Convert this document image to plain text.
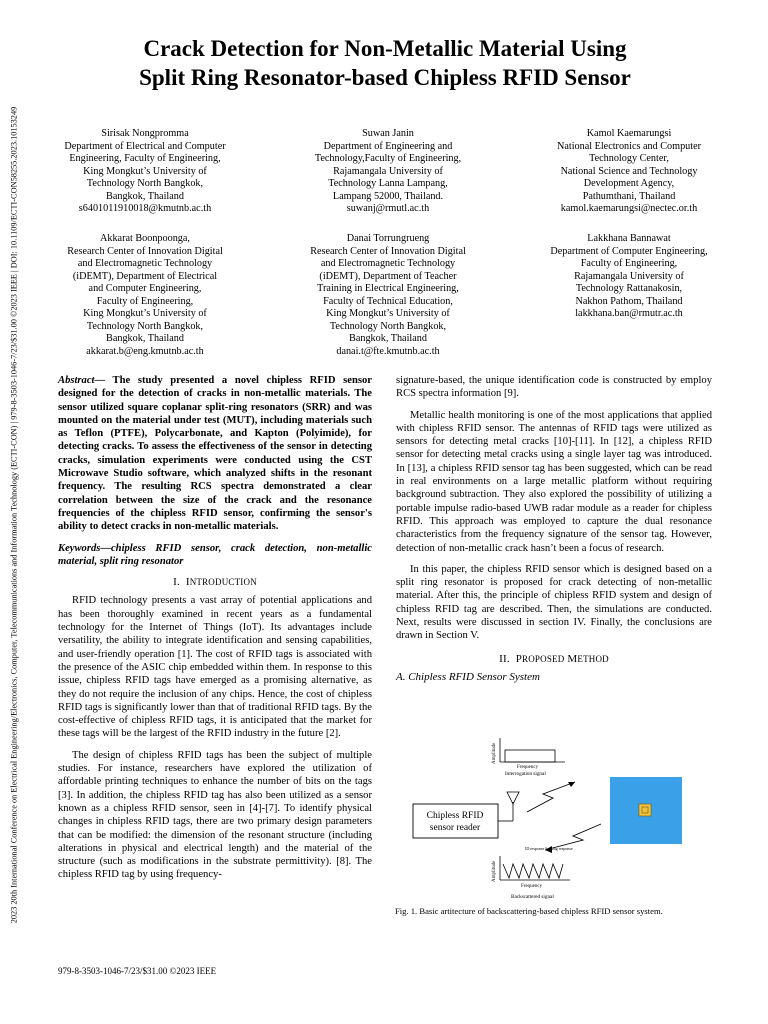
2023 20th International Conference on Electrical Engineering/Electronics, Computer, Telecommunications and Information Technology (ECTI-CON) | 979-8-3503-1046-7/23/$31.00 ©2023 IEEE | DOI: 10.1109/ECTI-CON58255.2023.10153249
Crack Detection for Non-Metallic Material Using
Split Ring Resonator-based Chipless RFID Sensor
Sirisak Nongpromma
Department of Electrical and Computer
Engineering, Faculty of Engineering,
King Mongkut’s University of
Technology North Bangkok,
Bangkok, Thailand
s6401011910018@kmutnb.ac.th
Suwan Janin
Department of Engineering and
Technology,Faculty of Engineering,
Rajamangala University of
Technology Lanna Lampang,
Lampang 52000, Thailand.
suwanj@rmutl.ac.th
Kamol Kaemarungsi
National Electronics and Computer
Technology Center,
National Science and Technology
Development Agency,
Pathumthani, Thailand
kamol.kaemarungsi@nectec.or.th
Akkarat Boonpoonga,
Research Center of Innovation Digital
and Electromagnetic Technology
(iDEMT), Department of Electrical
and Computer Engineering,
Faculty of Engineering,
King Mongkut’s University of
Technology North Bangkok,
Bangkok, Thailand
akkarat.b@eng.kmutnb.ac.th
Danai Torrungrueng
Research Center of Innovation Digital
and Electromagnetic Technology
(iDEMT), Department of Teacher
Training in Electrical Engineering,
Faculty of Technical Education,
King Mongkut’s University of
Technology North Bangkok,
Bangkok, Thailand
danai.t@fte.kmutnb.ac.th
Lakkhana Bannawat
Department of Computer Engineering,
Faculty of Engineering,
Rajamangala University of
Technology Rattanakosin,
Nakhon Pathom, Thailand
lakkhana.ban@rmutr.ac.th

Abstract— The study presented a novel chipless RFID sensor designed for the detection of cracks in non-metallic materials. The sensor utilized square coplanar split-ring resonators (SRR) and was mounted on the material under test (MUT), including materials such as Teflon (PTFE), Polycarbonate, and Kapton (Polyimide), for detecting cracks. To assess the effectiveness of the sensor in detecting cracks, simulation experiments were conducted using the CST Microwave Studio software, which analyzed shifts in the resonant frequency. The resulting RCS spectra demonstrated a clear correlation between the size of the crack and the resonance frequencies of the chipless RFID sensor, confirming the sensor's ability to detect cracks in non-metallic materials.

Keywords—chipless RFID sensor, crack detection, non-metallic material, split ring resonator

I. INTRODUCTION

RFID technology presents a vast array of potential applications and has been thoroughly examined in recent years as a fundamental technology for the Internet of Things (IoT). Its advantages include versatility, the ability to integrate identification and sensing capabilities, and user-friendly operation [1]. The cost of RFID tags is associated with the presence of the ASIC chip embedded within them. In response to this issue, chipless RFID tags have emerged as a promising alternative, as they do not require the inclusion of any chips. Hence, the cost of chipless RFID tags is significantly lower than that of traditional RFID tags. By the cost-effective of chipless RFID tags, it is anticipated that the market for these tags will be the largest of the RFID industry in the future [2].

The design of chipless RFID tags has been the subject of multiple studies. For instance, researchers have explored the utilization of affordable printing techniques to enhance the number of bits on the tags [3]. In addition, the chipless RFID tag has also been utilized as a sensor known as a chipless RFID sensor, seen in [4]-[7]. To identify physical changes in chipless RFID tags, there are two primary design parameters that can be modified: the dimension of the resonant structure (including alterations in physical and electrical length) and the material of the structure (such as modifications in the substrate permittivity). [8]. The chipless RFID tag by using frequency-

signature-based, the unique identification code is constructed by employ RCS spectra information [9].

Metallic health monitoring is one of the most applications that applied with chipless RFID sensor. The antennas of RFID tags were utilized as sensors for detecting metal cracks [10]-[11]. In [12], a chipless RFID sensor for detecting metal cracks using a single layer tag was introduced. In [13], a chipless RFID sensor tag has been suggested, which can be read in real environments on a large metallic platform without requiring background subtraction. They also explored the possibility of utilizing a portable impulse radio-based UWB radar module as a reader for chipless RFID. This approach was employed to capture the dual resonance characteristics from the frequency signature of the sensor tag. However, detection of non-metallic crack hasn’t been a focus of research.

In this paper, the chipless RFID sensor which is designed based on a split ring resonator is proposed for crack detecting of non-metallic material. After this, the principle of chipless RFID system and design of chipless RFID tag are described. Then, the simulations are conducted. Next, results were discussed in section IV. Finally, the conclusions are drawn in Section V.

II. PROPOSED METHOD

A. Chipless RFID Sensor System

Amplitude
Frequency
Interrogation signal
Chipless RFID
sensor reader
ID response Sensing response
Amplitude
Frequency
Backscattered signal
Fig. 1. Basic artitecture of backscattering-based chipless RFID sensor system.
979-8-3503-1046-7/23/$31.00 ©2023 IEEE
